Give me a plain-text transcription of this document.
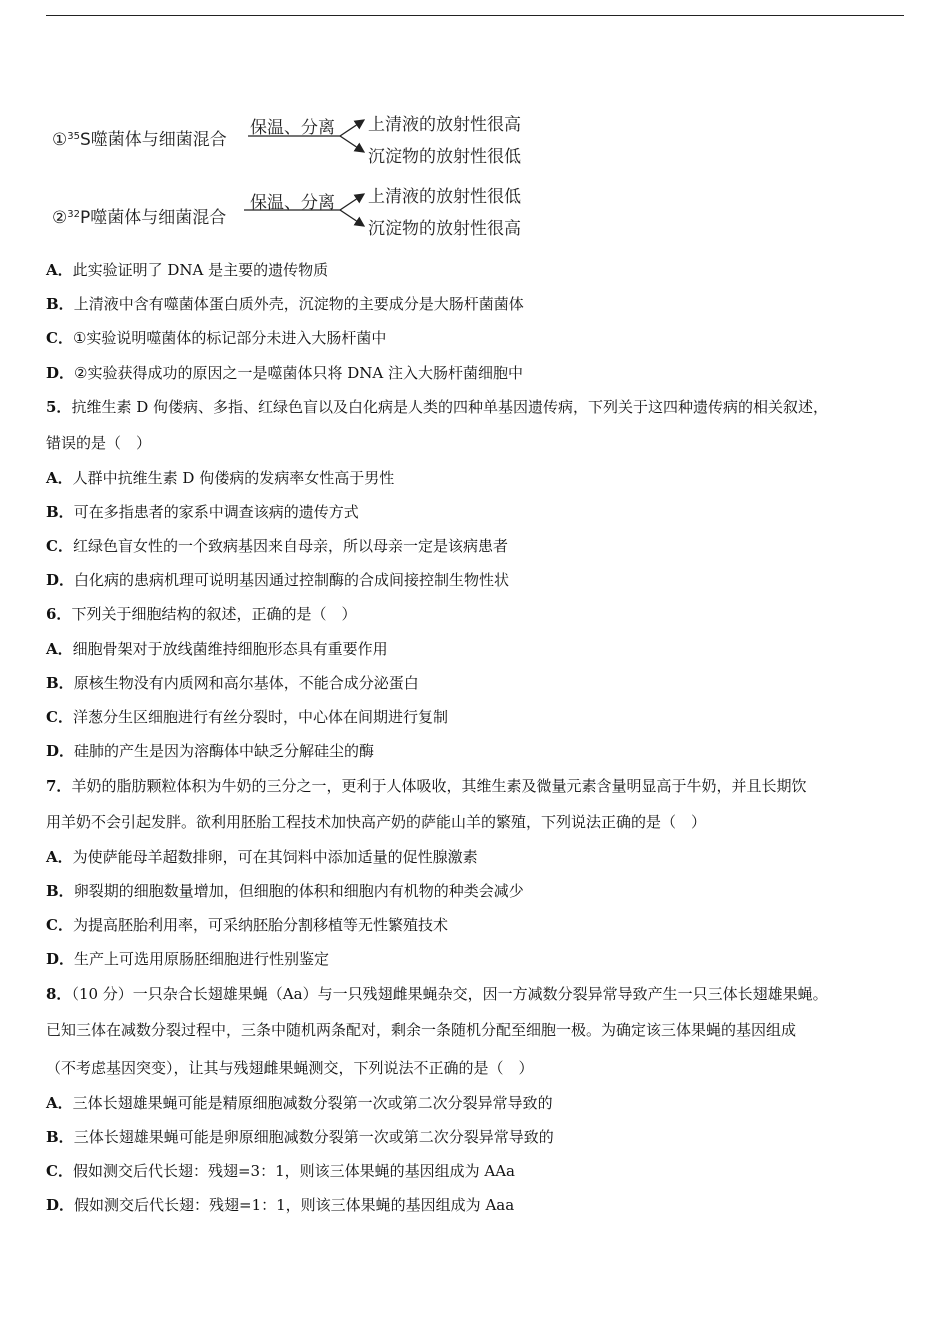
①$^{35}$S噬菌体与细菌混合
保温、分离 上清液的放射性很高
沉淀物的放射性很低
②$^{32}$P噬菌体与细菌混合
保温、分离 上清液的放射性很低
沉淀物的放射性很高
A．此实验证明了 DNA 是主要的遗传物质
B．上清液中含有噬菌体蛋白质外壳，沉淀物的主要成分是大肠杆菌菌体
C．①实验说明噬菌体的标记部分未进入大肠杆菌中
D．②实验获得成功的原因之一是噬菌体只将 DNA 注入大肠杆菌细胞中
5．抗维生素 D 佝偻病、多指、红绿色盲以及白化病是人类的四种单基因遗传病，下列关于这四种遗传病的相关叙述，
错误的是（　）
A．人群中抗维生素 D 佝偻病的发病率女性高于男性
B．可在多指患者的家系中调查该病的遗传方式
C．红绿色盲女性的一个致病基因来自母亲，所以母亲一定是该病患者
D．白化病的患病机理可说明基因通过控制酶的合成间接控制生物性状
6．下列关于细胞结构的叙述，正确的是（　）
A．细胞骨架对于放线菌维持细胞形态具有重要作用
B．原核生物没有内质网和高尔基体，不能合成分泌蛋白
C．洋葱分生区细胞进行有丝分裂时，中心体在间期进行复制
D．硅肺的产生是因为溶酶体中缺乏分解硅尘的酶
7．羊奶的脂肪颗粒体积为牛奶的三分之一，更利于人体吸收，其维生素及微量元素含量明显高于牛奶，并且长期饮
用羊奶不会引起发胖。欲利用胚胎工程技术加快高产奶的萨能山羊的繁殖，下列说法正确的是（　）
A．为使萨能母羊超数排卵，可在其饲料中添加适量的促性腺激素
B．卵裂期的细胞数量增加，但细胞的体积和细胞内有机物的种类会减少
C．为提高胚胎利用率，可采纳胚胎分割移植等无性繁殖技术
D．生产上可选用原肠胚细胞进行性别鉴定
8．（10 分）一只杂合长翅雄果蝇（Aa）与一只残翅雌果蝇杂交，因一方减数分裂异常导致产生一只三体长翅雄果蝇。
已知三体在减数分裂过程中，三条中随机两条配对，剩余一条随机分配至细胞一极。为确定该三体果蝇的基因组成
（不考虑基因突变），让其与残翅雌果蝇测交，下列说法不正确的是（　）
A．三体长翅雄果蝇可能是精原细胞减数分裂第一次或第二次分裂异常导致的
B．三体长翅雄果蝇可能是卵原细胞减数分裂第一次或第二次分裂异常导致的
C．假如测交后代长翅：残翅=3：1，则该三体果蝇的基因组成为 AAa
D．假如测交后代长翅：残翅=1：1，则该三体果蝇的基因组成为 Aaa
